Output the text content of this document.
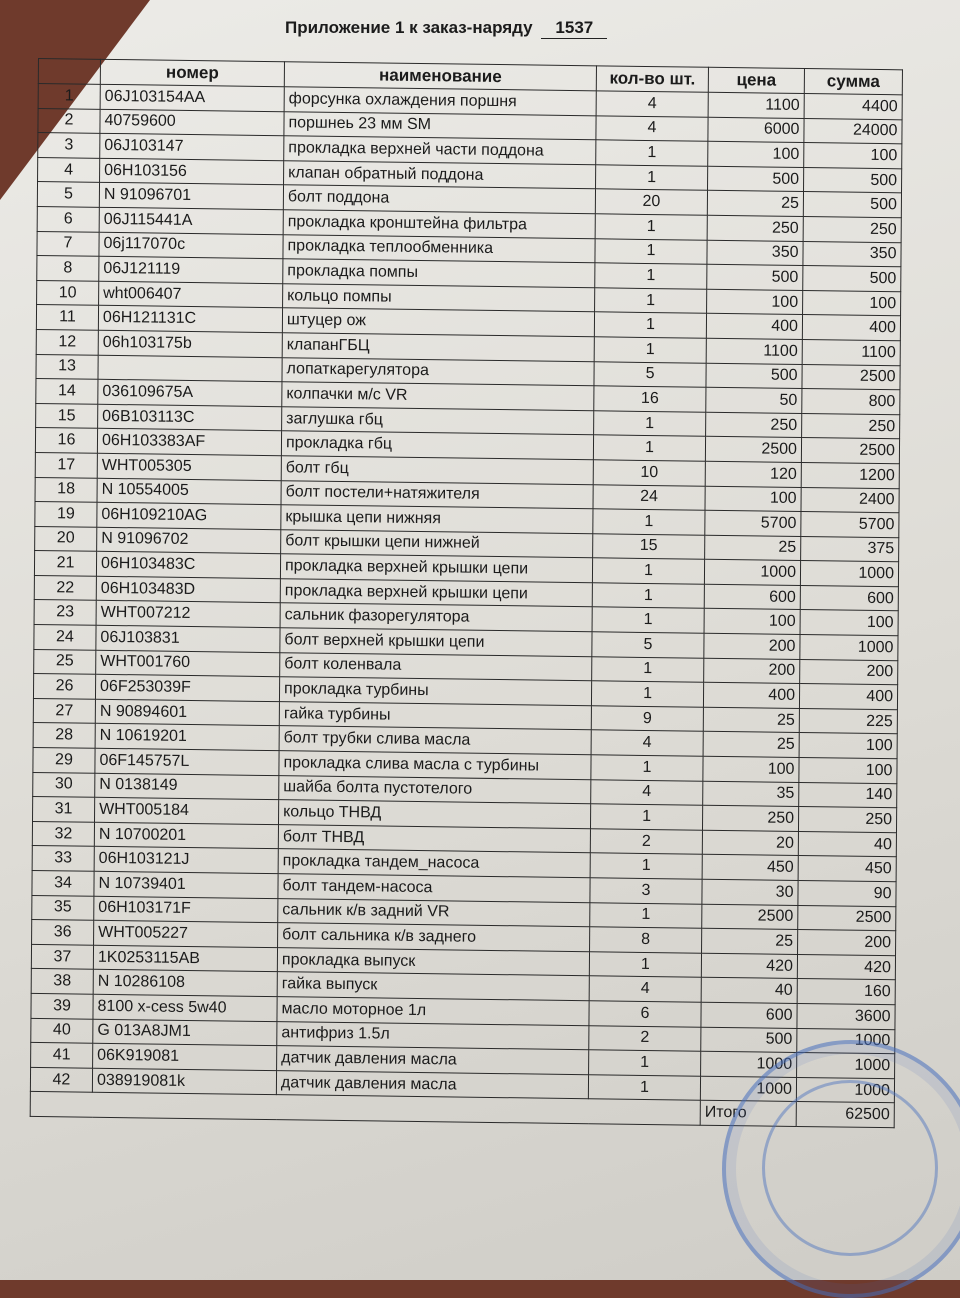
Приложение 1 к заказ-наряду 1537
	номер	наименование	кол-во шт.	цена	сумма
1	06J103154AA	форсунка охлаждения поршня	4	1100	4400
2	40759600	поршнеь 23 мм SM	4	6000	24000
3	06J103147	прокладка верхней части поддона	1	100	100
4	06H103156	клапан обратный поддона	1	500	500
5	N 91096701	болт поддона	20	25	500
6	06J115441A	прокладка кронштейна фильтра	1	250	250
7	06j117070c	прокладка теплообменника	1	350	350
8	06J121119	прокладка помпы	1	500	500
10	wht006407	кольцо помпы	1	100	100
11	06H121131C	штуцер ож	1	400	400
12	06h103175b	клапанГБЦ	1	1100	1100
13		лопаткарегулятора	5	500	2500
14	036109675A	колпачки м/с VR	16	50	800
15	06B103113C	заглушка гбц	1	250	250
16	06H103383AF	прокладка гбц	1	2500	2500
17	WHT005305	болт гбц	10	120	1200
18	N 10554005	болт постели+натяжителя	24	100	2400
19	06H109210AG	крышка цепи нижняя	1	5700	5700
20	N 91096702	болт крышки цепи нижней	15	25	375
21	06H103483C	прокладка верхней крышки цепи	1	1000	1000
22	06H103483D	прокладка верхней крышки цепи	1	600	600
23	WHT007212	сальник фазорегулятора	1	100	100
24	06J103831	болт верхней крышки цепи	5	200	1000
25	WHT001760	болт коленвала	1	200	200
26	06F253039F	прокладка турбины	1	400	400
27	N 90894601	гайка турбины	9	25	225
28	N 10619201	болт трубки слива масла	4	25	100
29	06F145757L	прокладка слива масла с турбины	1	100	100
30	N 0138149	шайба болта пустотелого	4	35	140
31	WHT005184	кольцо ТНВД	1	250	250
32	N 10700201	болт ТНВД	2	20	40
33	06H103121J	прокладка тандем_насоса	1	450	450
34	N 10739401	болт тандем-насоса	3	30	90
35	06H103171F	сальник к/в задний VR	1	2500	2500
36	WHT005227	болт сальника к/в заднего	8	25	200
37	1K0253115AB	прокладка выпуск	1	420	420
38	N 10286108	гайка выпуск	4	40	160
39	8100 x-cess 5w40	масло моторное 1л	6	600	3600
40	G 013A8JM1	антифриз 1.5л	2	500	1000
41	06K919081	датчик давления масла	1	1000	1000
42	038919081k	датчик давления масла	1	1000	1000
				Итого	62500
